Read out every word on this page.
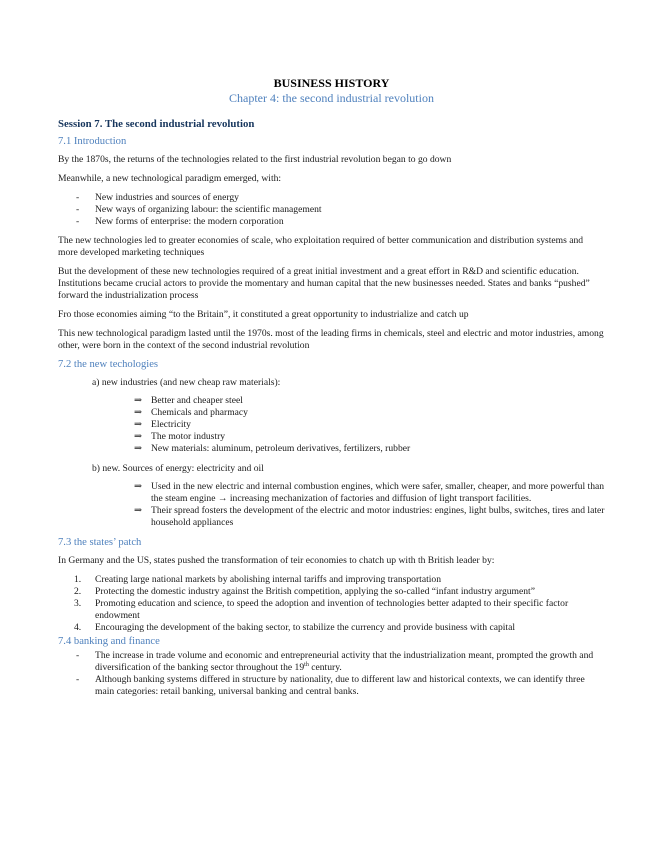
BUSINESS HISTORY
Chapter 4: the second industrial revolution
Session 7. The second industrial revolution
7.1 Introduction

By the 1870s, the returns of the technologies related to the first industrial revolution began to go down

Meanwhile, a new technological paradigm emerged, with:

- New industries and sources of energy
- New ways of organizing labour: the scientific management
- New forms of enterprise: the modern corporation

The new technologies led to greater economies of scale, who exploitation required of better communication and distribution systems and more developed marketing techniques

But the development of these new technologies required of a great initial investment and a great effort in R&D and scientific education. Institutions became crucial actors to provide the momentary and human capital that the new businesses needed. States and banks “pushed” forward the industrialization process

Fro those economies aiming “to the Britain”, it constituted a great opportunity to industrialize and catch up

This new technological paradigm lasted until the 1970s. most of the leading firms in chemicals, steel and electric and motor industries, among other, were born in the context of the second industrial revolution

7.2 the new techologies
a) new industries (and new cheap raw materials):
⇒ Better and cheaper steel
⇒ Chemicals and pharmacy
⇒ Electricity
⇒ The motor industry
⇒ New materials: aluminum, petroleum derivatives, fertilizers, rubber
b) new. Sources of energy: electricity and oil
⇒ Used in the new electric and internal combustion engines, which were safer, smaller, cheaper, and more powerful than the steam engine → increasing mechanization of factories and diffusion of light transport facilities.
⇒ Their spread fosters the development of the electric and motor industries: engines, light bulbs, switches, tires and later household appliances
7.3 the states’ patch

In Germany and the US, states pushed the transformation of teir economies to chatch up with th British leader by:

1. Creating large national markets by abolishing internal tariffs and improving transportation
2. Protecting the domestic industry against the British competition, applying the so-called “infant industry argument”
3. Promoting education and science, to speed the adoption and invention of technologies better adapted to their specific factor endowment
4. Encouraging the development of the baking sector, to stabilize the currency and provide business with capital
7.4 banking and finance
- The increase in trade volume and economic and entrepreneurial activity that the industrialization meant, prompted the growth and diversification of the banking sector throughout the 19th century.
- Although banking systems differed in structure by nationality, due to different law and historical contexts, we can identify three main categories: retail banking, universal banking and central banks.
